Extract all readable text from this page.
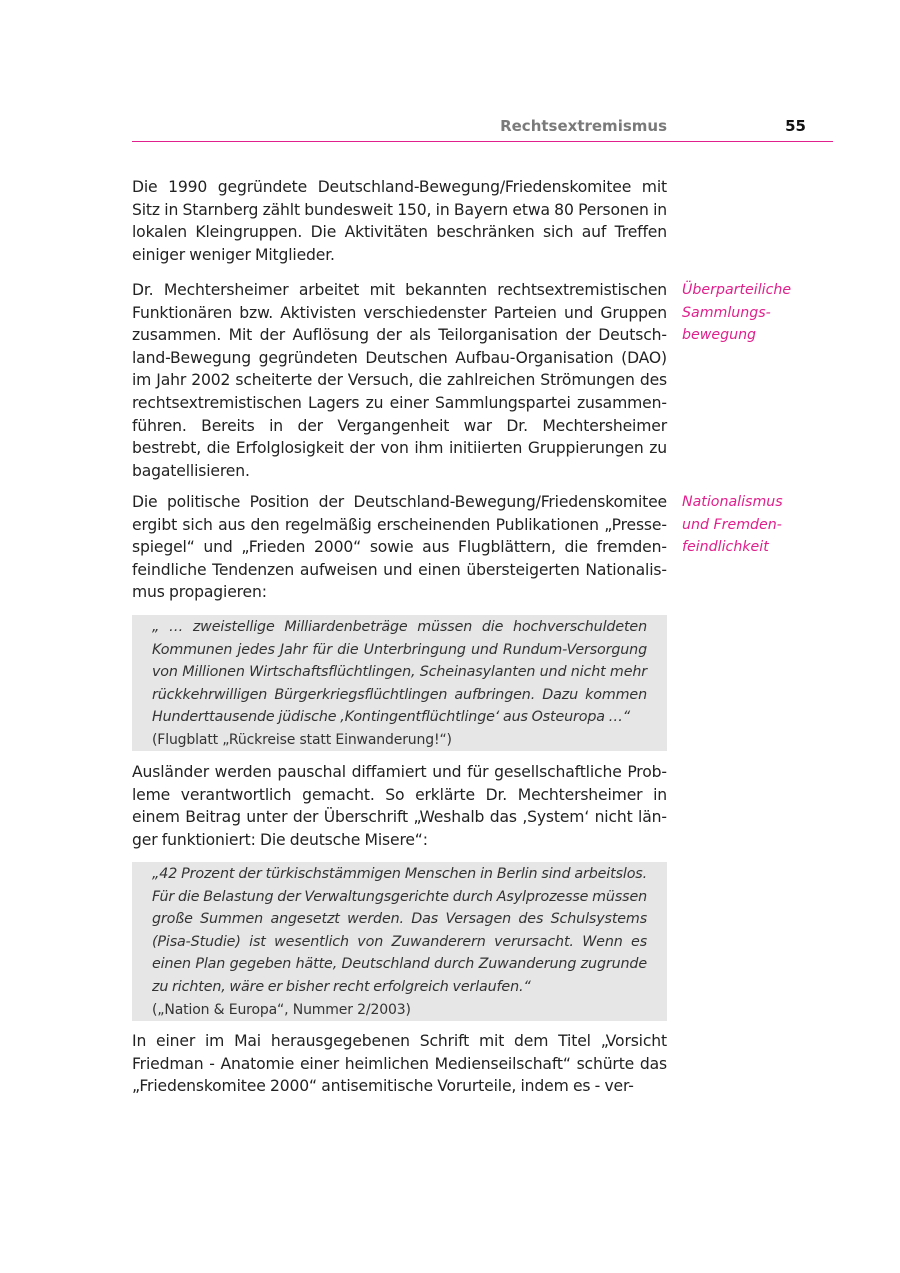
Rechtsextremismus	55

Die 1990 gegründete Deutschland-Bewegung/Friedenskomitee mit Sitz in Starnberg zählt bundesweit 150, in Bayern etwa 80 Personen in lokalen Kleingruppen. Die Aktivitäten beschränken sich auf Treffen einiger weniger Mitglieder.

Dr. Mechtersheimer arbeitet mit bekannten rechtsextremistischen Funktionären bzw. Aktivisten verschiedenster Parteien und Gruppen zusammen. Mit der Auflösung der als Teilorganisation der Deutschland-Bewegung gegründeten Deutschen Aufbau-Organisation (DAO) im Jahr 2002 scheiterte der Versuch, die zahlreichen Strömungen des rechtsextremistischen Lagers zu einer Sammlungspartei zusammenführen. Bereits in der Vergangenheit war Dr. Mechtersheimer bestrebt, die Erfolglosigkeit der von ihm initiierten Gruppierungen zu bagatellisieren.

Überparteiliche
Sammlungs-
bewegung

Die politische Position der Deutschland-Bewegung/Friedenskomitee ergibt sich aus den regelmäßig erscheinenden Publikationen „Pressespiegel“ und „Frieden 2000“ sowie aus Flugblättern, die fremdenfeindliche Tendenzen aufweisen und einen übersteigerten Nationalismus propagieren:

Nationalismus
und Fremden-
feindlichkeit

„ … zweistellige Milliardenbeträge müssen die hochverschuldeten Kommunen jedes Jahr für die Unterbringung und Rundum-Versorgung von Millionen Wirtschaftsflüchtlingen, Scheinasylanten und nicht mehr rückkehrwilligen Bürgerkriegsflüchtlingen aufbringen. Dazu kommen Hunderttausende jüdische ‚Kontingentflüchtlinge‘ aus Osteuropa …“

(Flugblatt „Rückreise statt Einwanderung!“)

Ausländer werden pauschal diffamiert und für gesellschaftliche Probleme verantwortlich gemacht. So erklärte Dr. Mechtersheimer in einem Beitrag unter der Überschrift „Weshalb das ‚System‘ nicht länger funktioniert: Die deutsche Misere“:

„42 Prozent der türkischstämmigen Menschen in Berlin sind arbeitslos. Für die Belastung der Verwaltungsgerichte durch Asylprozesse müssen große Summen angesetzt werden. Das Versagen des Schulsystems (Pisa-Studie) ist wesentlich von Zuwanderern verursacht. Wenn es einen Plan gegeben hätte, Deutschland durch Zuwanderung zugrunde zu richten, wäre er bisher recht erfolgreich verlaufen.“

(„Nation & Europa“, Nummer 2/2003)

In einer im Mai herausgegebenen Schrift mit dem Titel „Vorsicht Friedman - Anatomie einer heimlichen Medienseilschaft“ schürte das „Friedenskomitee 2000“ antisemitische Vorurteile, indem es - ver-
